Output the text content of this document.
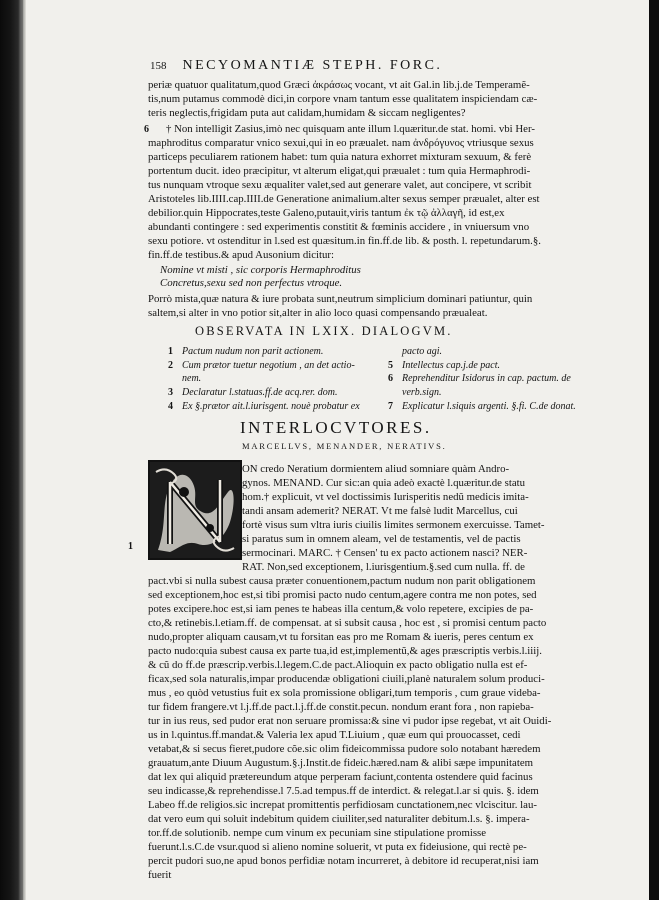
158 NECYOMANTIÆ STEPH. FORC.
periæ quatuor qualitatum,quod Græci ἀκράσως vocant, vt ait Gal.in lib.j.de Temperamẽ-
tis,num putamus commodè dici,in corpore vnam tantum esse qualitatem inspiciendam cæ-
teris neglectis,frigidam puta aut calidam,humidam & siccam negligentes?
6 † Non intelligit Zasius,imò nec quisquam ante illum l.quæritur.de stat. homi. vbi Her-
maphroditus comparatur vnico sexui,qui in eo præualet. nam ἀνδρόγυνος vtriusque sexus
particeps peculiarem rationem habet: tum quia natura exhorret mixturam sexuum, & ferè
portentum ducit. ideo præcipitur, vt alterum eligat,qui præualet : tum quia Hermaphrodi-
tus nunquam vtroque sexu æqualiter valet,sed aut generare valet, aut concipere, vt scribit
Aristoteles lib.IIII.cap.IIII.de Generatione animalium.alter sexus semper præualet, alter est
debilior.quin Hippocrates,teste Galeno,putauit,viris tantum ἐκ τῷ ἀλλαγῆ, id est,ex
abundanti contingere : sed experimentis constitit & fœminis accidere , in vniuersum vno
sexu potiore. vt ostenditur in l.sed est quæsitum.in fin.ff.de lib. & posth. l. repetundarum.§.
fin.ff.de testibus.& apud Ausonium dicitur:
Nomine vt misti , sic corporis Hermaphroditus
Concretus,sexu sed non perfectus vtroque.
Porrò mista,quæ natura & iure probata sunt,neutrum simplicium dominari patiuntur, quin
saltem,si alter in vno potior sit,alter in alio loco quasi compensando præualeat.
OBSERVATA IN LXIX. DIALOGVM.
1 Pactum nudum non parit actionem.
2 Cum prætor tuetur negotium , an det actio-
nem.
3 Declaratur l.statuas.ff.de acq.rer. dom.
4 Ex §.prætor ait.l.iurisgent. nouè probatur ex
pacto agi.
5 Intellectus cap.j.de pact.
6 Reprehenditur Isidorus in cap. pactum. de
verb.sign.
7 Explicatur l.siquis argenti. §.fi. C.de donat.
INTERLOCVTORES.
MARCELLVS, MENANDER, NERATIVS.
1
ON credo Neratium dormientem aliud somniare quàm Andro-
gynos. MENAND. Cur sic:an quia adeò exactè l.quæritur.de statu
hom.† explicuit, vt vel doctissimis Iurisperitis nedũ medicis imita-
tandi ansam ademerit? NERAT. Vt me falsè ludit Marcellus, cui
fortè visus sum vltra iuris ciuilis limites sermonem exercuisse. Tamet-
si paratus sum in omnem aleam, vel de testamentis, vel de pactis
sermocinari. MARC. † Censen' tu ex pacto actionem nasci? NER-
RAT. Non,sed exceptionem, l.iurisgentium.§.sed cum nulla. ff. de
pact.vbi si nulla subest causa præter conuentionem,pactum nudum non parit obligationem
sed exceptionem,hoc est,si tibi promisi pacto nudo centum,agere contra me non potes, sed
potes excipere.hoc est,si iam penes te habeas illa centum,& volo repetere, excipies de pa-
cto,& retinebis.l.etiam.ff. de compensat. at si subsit causa , hoc est , si promisi centum pacto
nudo,propter aliquam causam,vt tu forsitan eas pro me Romam & iueris, peres centum ex
pacto nudo:quia subest causa ex parte tua,id est,implementũ,& ages præscriptis verbis.l.iiij.
& cũ do ff.de præscrip.verbis.l.legem.C.de pact.Alioquin ex pacto obligatio nulla est ef-
ficax,sed sola naturalis,impar producendæ obligationi ciuili,planè naturalem solum produci-
mus , eo quòd vetustius fuit ex sola promissione obligari,tum temporis , cum graue videba-
tur fidem frangere.vt l.j.ff.de pact.l.j.ff.de constit.pecun. nondum erant fora , non rapieba-
tur in ius reus, sed pudor erat non seruare promissa:& sine vi pudor ipse regebat, vt ait Ouidi-
us in l.quintus.ff.mandat.& Valeria lex apud T.Liuium , quæ eum qui prouocasset, cedi
vetabat,& si secus fieret,pudore cõe.sic olim fideicommissa pudore solo notabant hæredem
grauatum,ante Diuum Augustum.§.j.Instit.de fideic.hæred.nam & alibi sæpe impunitatem
dat lex qui aliquid prætereundum atque perperam faciunt,contenta ostendere quid facinus
seu indicasse,& reprehendisse.l 7.5.ad tempus.ff de interdict. & relegat.l.ar si quis. §. idem
Labeo ff.de religios.sic increpat promittentis perfidiosam cunctationem,nec vlciscitur. lau-
dat vero eum qui soluit indebitum quidem ciuiliter,sed naturaliter debitum.l.s. §. impera-
tor.ff.de solutionib. nempe cum vinum ex pecuniam sine stipulatione promisse
fuerunt.l.s.C.de vsur.quod si alieno nomine soluerit, vt puta ex fideiusione, qui rectè pe-
percit pudori suo,ne apud bonos perfidiæ notam incurreret, à debitore id recuperat,nisi iam
fuerit
